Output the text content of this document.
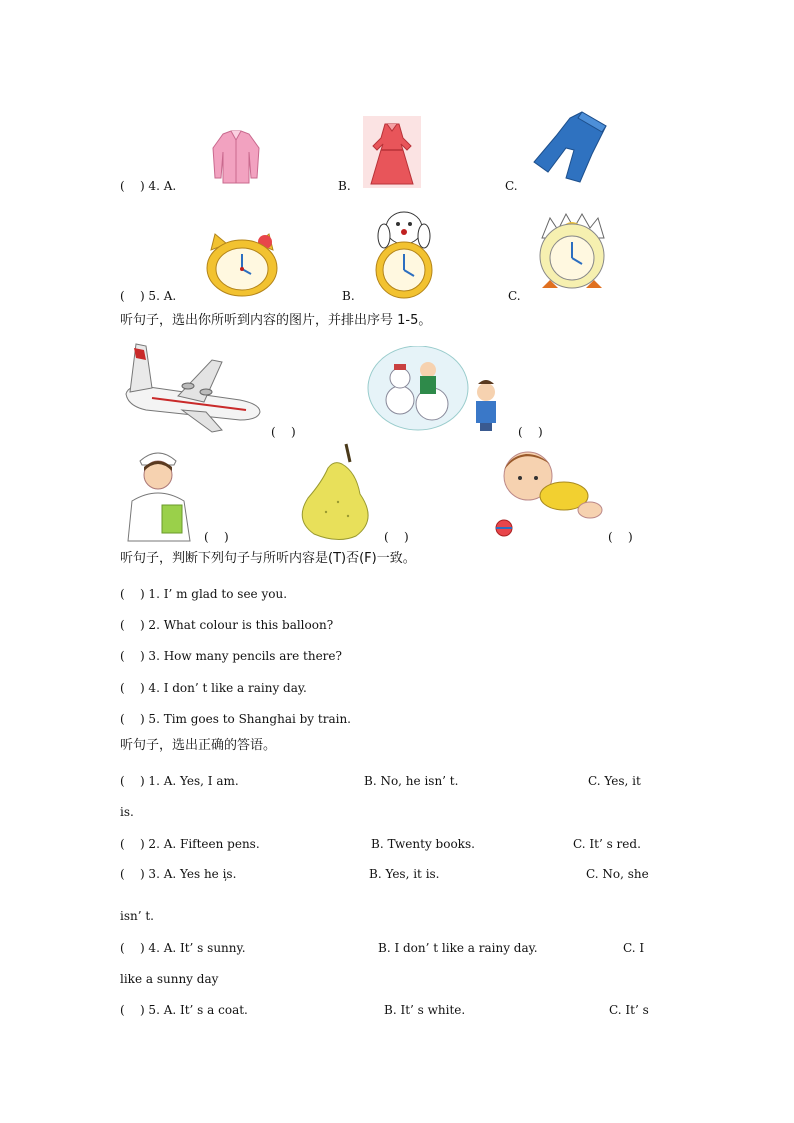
(    ) 4. A.	B.	C.
(    ) 5. A.	B.	C.
听句子，选出你所听到内容的图片，并排出序号 1-5。
(    )	(    )
(    )	(    )	(    )
听句子，判断下列句子与所听内容是(T)否(F)一致。
(    ) 1. I’ m glad to see you.
(    ) 2. What colour is this balloon?
(    ) 3. How many pencils are there?
(    ) 4. I don’ t like a rainy day.
(    ) 5. Tim goes to Shanghai by train.
听句子，选出正确的答语。
(    ) 1. A. Yes, I am.	B. No, he isn’ t.	C. Yes, it
is.
(    ) 2. A. Fifteen pens.	B. Twenty books.	C. It’ s red.
(    ) 3. A. Yes he is.
’
B. Yes, it is.	C. No, she
isn’ t.
(    ) 4. A. It’ s sunny.	B. I don’ t like a rainy day.	C. I
like a sunny day
(    ) 5. A. It’ s a coat.	B. It’ s white.	C. It’ s
